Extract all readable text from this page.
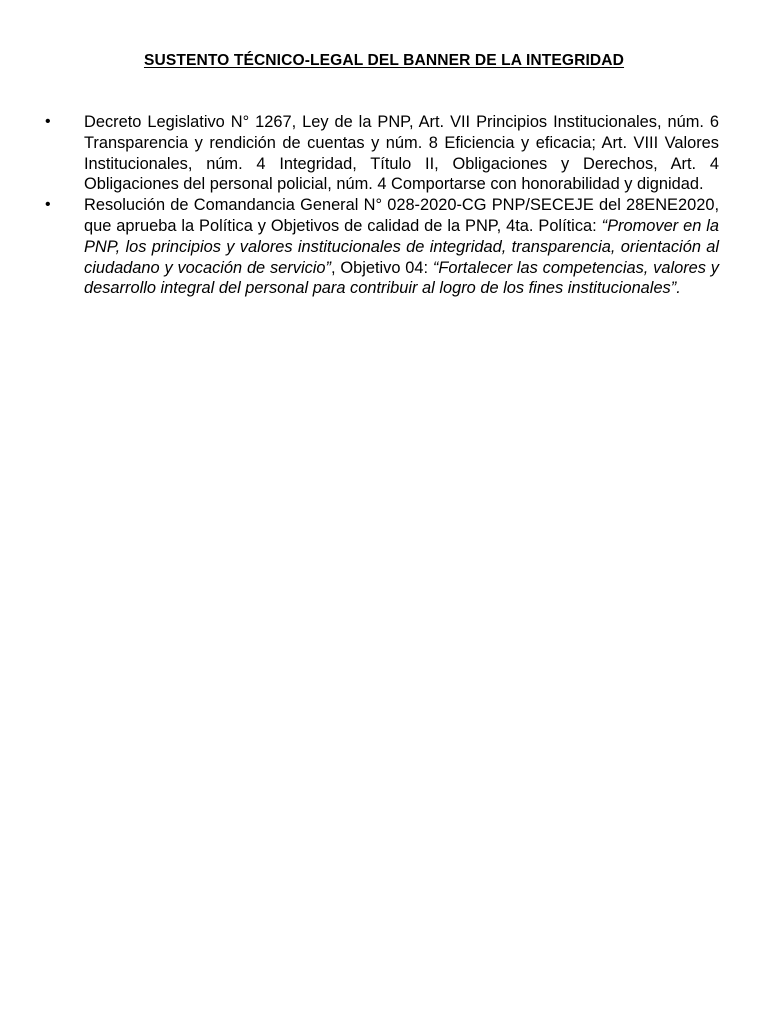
SUSTENTO TÉCNICO-LEGAL DEL BANNER DE LA INTEGRIDAD
• Decreto Legislativo N° 1267, Ley de la PNP, Art. VII Principios Institucionales, núm. 6 Transparencia y rendición de cuentas y núm. 8 Eficiencia y eficacia; Art. VIII Valores Institucionales, núm. 4 Integridad, Título II, Obligaciones y Derechos, Art. 4 Obligaciones del personal policial, núm. 4 Comportarse con honorabilidad y dignidad.
• Resolución de Comandancia General N° 028-2020-CG PNP/SECEJE del 28ENE2020, que aprueba la Política y Objetivos de calidad de la PNP, 4ta. Política: “Promover en la PNP, los principios y valores institucionales de integridad, transparencia, orientación al ciudadano y vocación de servicio”, Objetivo 04: “Fortalecer las competencias, valores y desarrollo integral del personal para contribuir al logro de los fines institucionales”.
